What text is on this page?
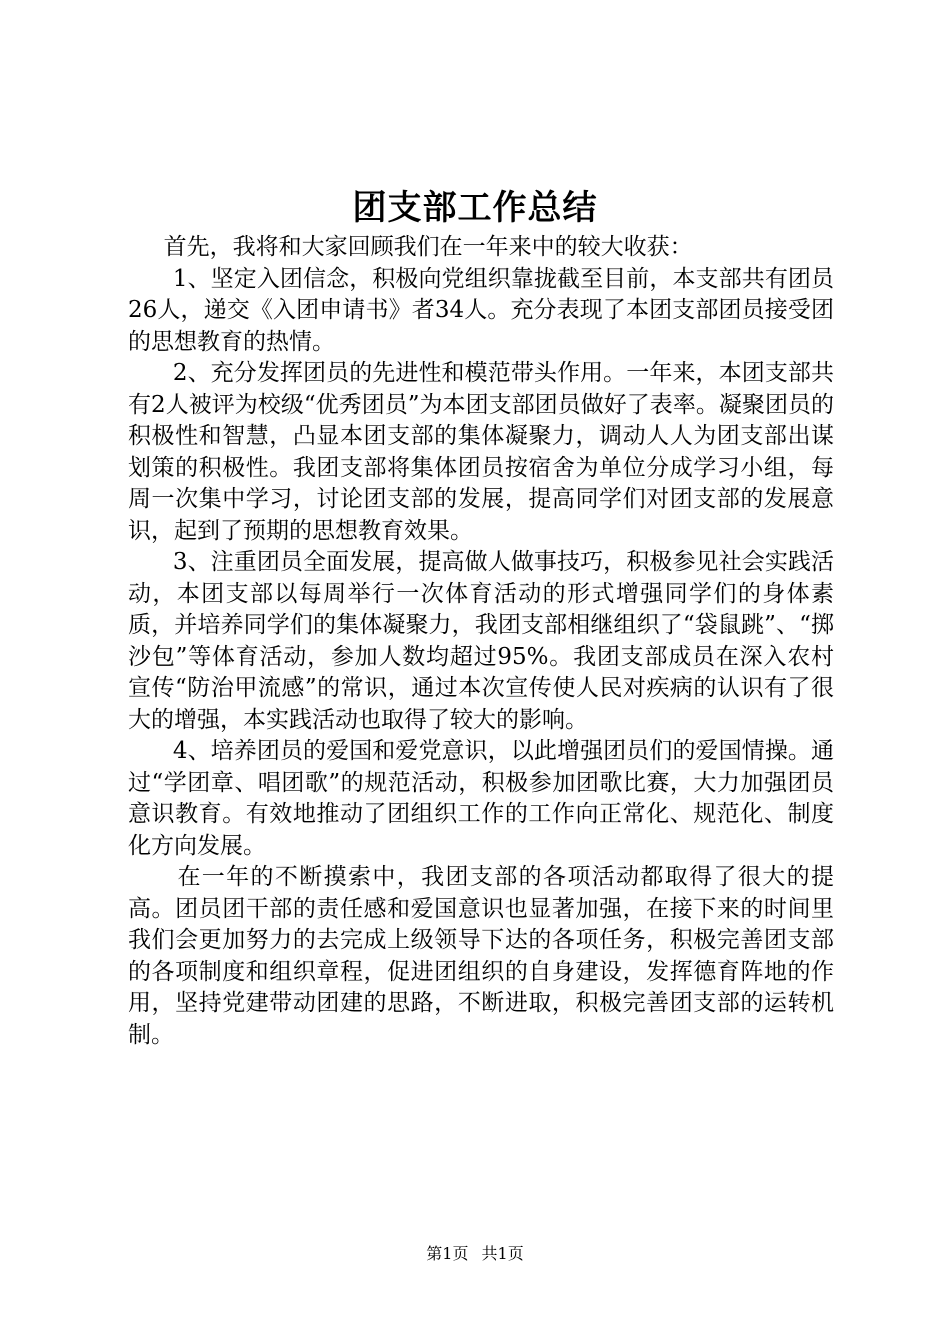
团支部工作总结

首先，我将和大家回顾我们在一年来中的较大收获：

1、坚定入团信念，积极向党组织靠拢截至目前，本支部共有团员26人，递交《入团申请书》者34人。充分表现了本团支部团员接受团的思想教育的热情。

2、充分发挥团员的先进性和模范带头作用。一年来，本团支部共有2人被评为校级“优秀团员”为本团支部团员做好了表率。凝聚团员的积极性和智慧，凸显本团支部的集体凝聚力，调动人人为团支部出谋划策的积极性。我团支部将集体团员按宿舍为单位分成学习小组，每周一次集中学习，讨论团支部的发展，提高同学们对团支部的发展意识，起到了预期的思想教育效果。

3、注重团员全面发展，提高做人做事技巧，积极参见社会实践活动，本团支部以每周举行一次体育活动的形式增强同学们的身体素质，并培养同学们的集体凝聚力，我团支部相继组织了“袋鼠跳”、“掷沙包”等体育活动，参加人数均超过95%。我团支部成员在深入农村宣传“防治甲流感”的常识，通过本次宣传使人民对疾病的认识有了很大的增强，本实践活动也取得了较大的影响。

4、培养团员的爱国和爱党意识，以此增强团员们的爱国情操。通过“学团章、唱团歌”的规范活动，积极参加团歌比赛，大力加强团员意识教育。有效地推动了团组织工作的工作向正常化、规范化、制度化方向发展。

在一年的不断摸索中，我团支部的各项活动都取得了很大的提高。团员团干部的责任感和爱国意识也显著加强，在接下来的时间里我们会更加努力的去完成上级领导下达的各项任务，积极完善团支部的各项制度和组织章程，促进团组织的自身建设，发挥德育阵地的作用，坚持党建带动团建的思路，不断进取，积极完善团支部的运转机制。

第1页 共1页
